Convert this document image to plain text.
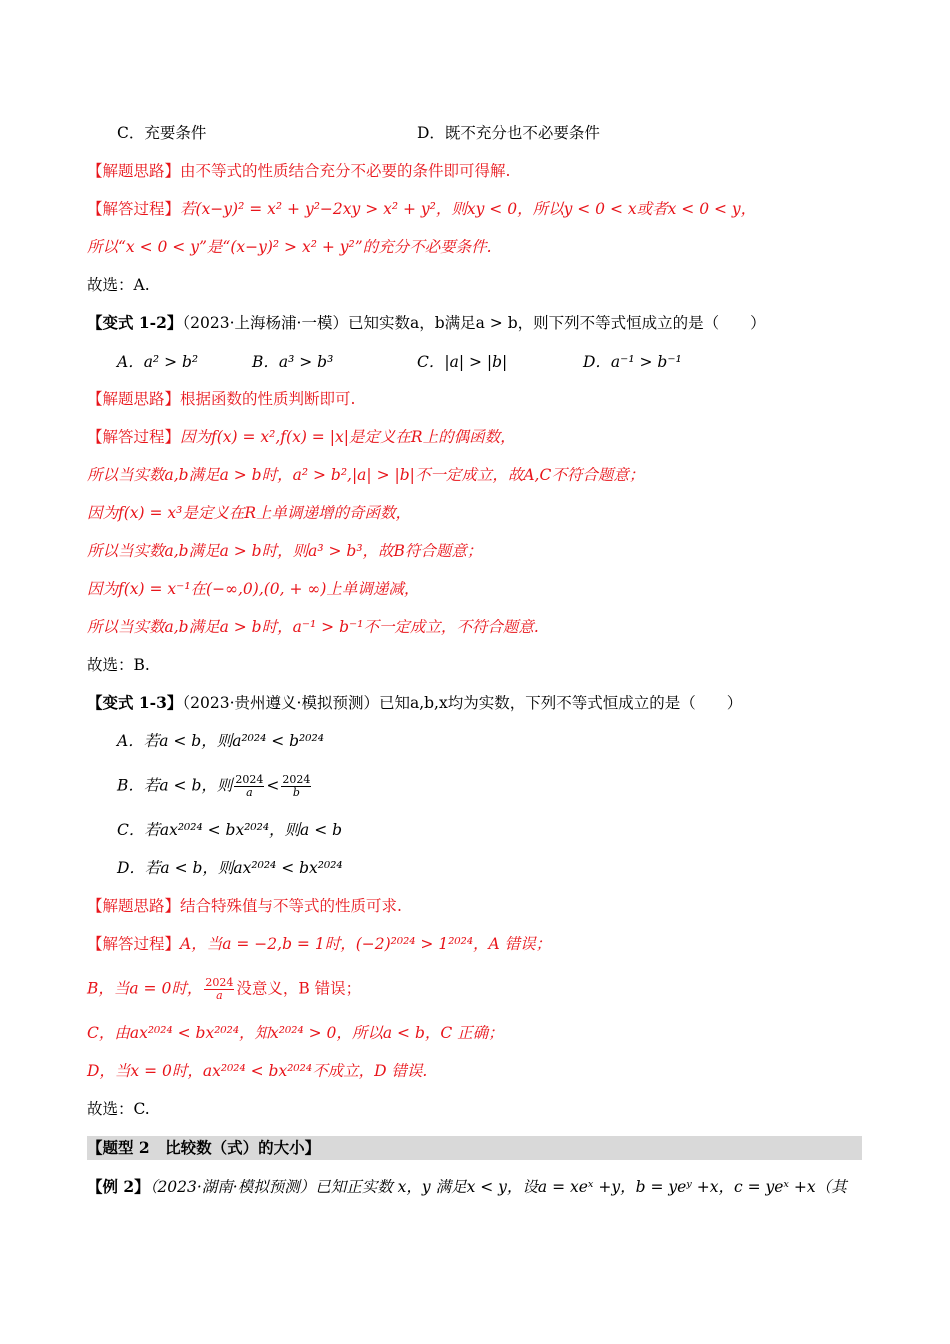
C．充要条件	D．既不充分也不必要条件
【解题思路】由不等式的性质结合充分不必要的条件即可得解.
【解答过程】若(x−y)² = x² + y²−2xy > x² + y²，则xy < 0，所以y < 0 < x或者x < 0 < y，
所以“x < 0 < y”是“(x−y)² > x² + y²”的充分不必要条件.
故选：A.
【变式 1-2】（2023·上海杨浦·一模）已知实数a，b满足a > b，则下列不等式恒成立的是（　　）
A．a² > b²	B．a³ > b³	C．|a| > |b|	D．a⁻¹ > b⁻¹
【解题思路】根据函数的性质判断即可.
【解答过程】因为f(x) = x²,f(x) = |x|是定义在R上的偶函数，
所以当实数a,b满足a > b时，a² > b²,|a| > |b|不一定成立，故A,C不符合题意；
因为f(x) = x³是定义在R上单调递增的奇函数，
所以当实数a,b满足a > b时，则a³ > b³，故B符合题意；
因为f(x) = x⁻¹在(−∞,0),(0, + ∞)上单调递减，
所以当实数a,b满足a > b时，a⁻¹ > b⁻¹不一定成立，不符合题意.
故选：B.
【变式 1-3】（2023·贵州遵义·模拟预测）已知a,b,x均为实数，下列不等式恒成立的是（　　）
A．若a < b，则a²⁰²⁴ < b²⁰²⁴
B．若a < b，则 $\frac{2024}{a} < \frac{2024}{b}$
C．若ax²⁰²⁴ < bx²⁰²⁴，则a < b
D．若a < b，则ax²⁰²⁴ < bx²⁰²⁴
【解题思路】结合特殊值与不等式的性质可求.
【解答过程】A，当a = −2,b = 1时，(−2)²⁰²⁴ > 1²⁰²⁴，A 错误；
B，当a = 0时， $\frac{2024}{a}$ 没意义，B 错误；
C，由ax²⁰²⁴ < bx²⁰²⁴，知x²⁰²⁴ > 0，所以a < b，C 正确；
D，当x = 0时，ax²⁰²⁴ < bx²⁰²⁴不成立，D 错误.
故选：C.
【题型 2　比较数（式）的大小】
【例 2】（2023·湖南·模拟预测）已知正实数 x，y 满足x < y，设a = xeˣ +y，b = yeʸ +x，c = yeˣ +x（其
